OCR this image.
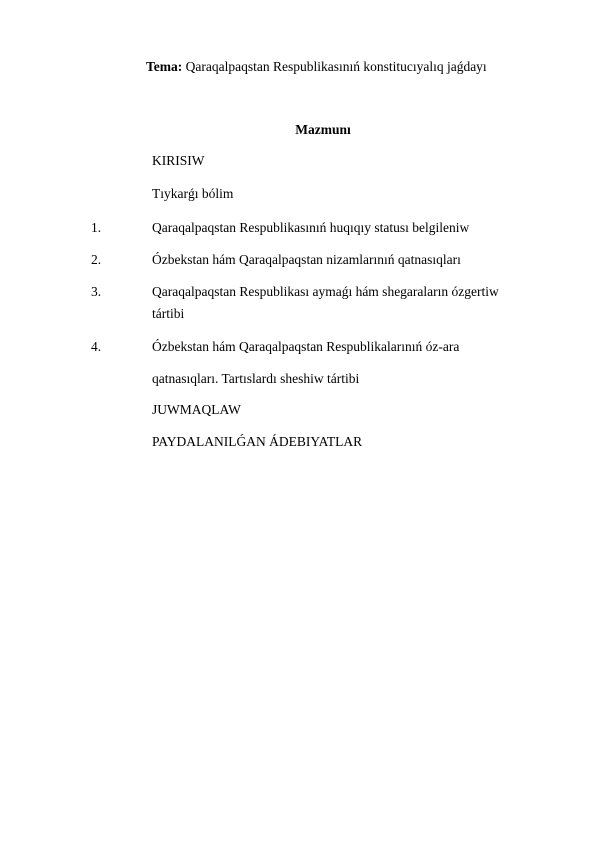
Tema: Qaraqalpaqstan Respublikasınıń konstitucıyalıq jaǵdayı
Mazmunı
KIRISIW
Tıykarǵı bólim
1.	Qaraqalpaqstan Respublikasınıń huqıqıy statusı belgileniw
2.	Ózbekstan hám Qaraqalpaqstan nizamlarınıń qatnasıqları
3.	Qaraqalpaqstan Respublikası aymaǵı hám shegaraların ózgertiw
tártibi
4.	Ózbekstan hám Qaraqalpaqstan Respublikalarınıń óz-ara
qatnasıqları. Tartıslardı sheshiw tártibi
JUWMAQLAW
PAYDALANILǴAN ÁDEBIYATLAR
